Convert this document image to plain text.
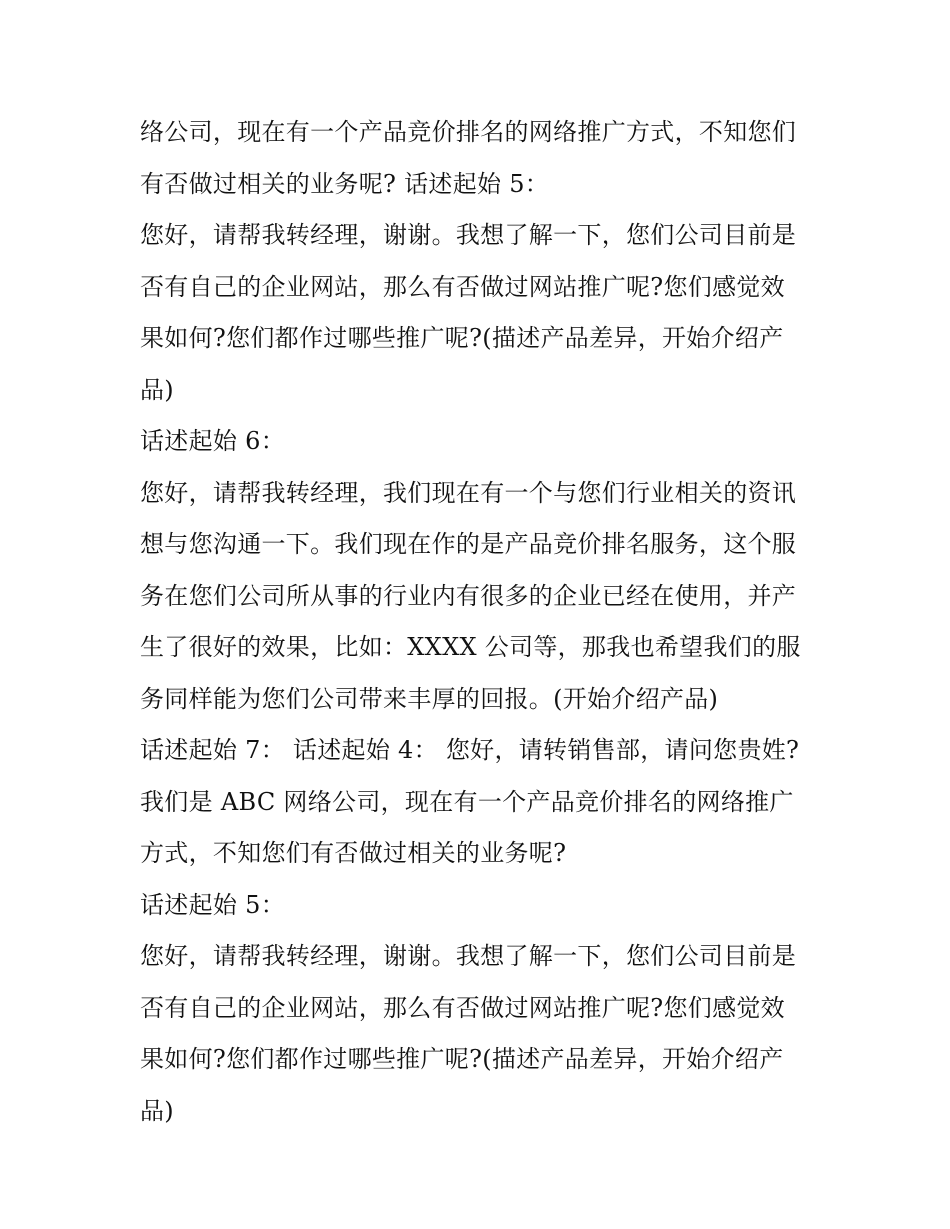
络公司，现在有一个产品竞价排名的网络推广方式，不知您们
有否做过相关的业务呢? 话述起始 5：
您好，请帮我转经理，谢谢。我想了解一下，您们公司目前是
否有自己的企业网站，那么有否做过网站推广呢?您们感觉效
果如何?您们都作过哪些推广呢?(描述产品差异，开始介绍产
品)
话述起始 6：
您好，请帮我转经理，我们现在有一个与您们行业相关的资讯
想与您沟通一下。我们现在作的是产品竞价排名服务，这个服
务在您们公司所从事的行业内有很多的企业已经在使用，并产
生了很好的效果，比如：XXXX 公司等，那我也希望我们的服
务同样能为您们公司带来丰厚的回报。(开始介绍产品)
话述起始 7： 话述起始 4： 您好，请转销售部，请问您贵姓?
我们是 ABC 网络公司，现在有一个产品竞价排名的网络推广
方式，不知您们有否做过相关的业务呢?
话述起始 5：
您好，请帮我转经理，谢谢。我想了解一下，您们公司目前是
否有自己的企业网站，那么有否做过网站推广呢?您们感觉效
果如何?您们都作过哪些推广呢?(描述产品差异，开始介绍产
品)
